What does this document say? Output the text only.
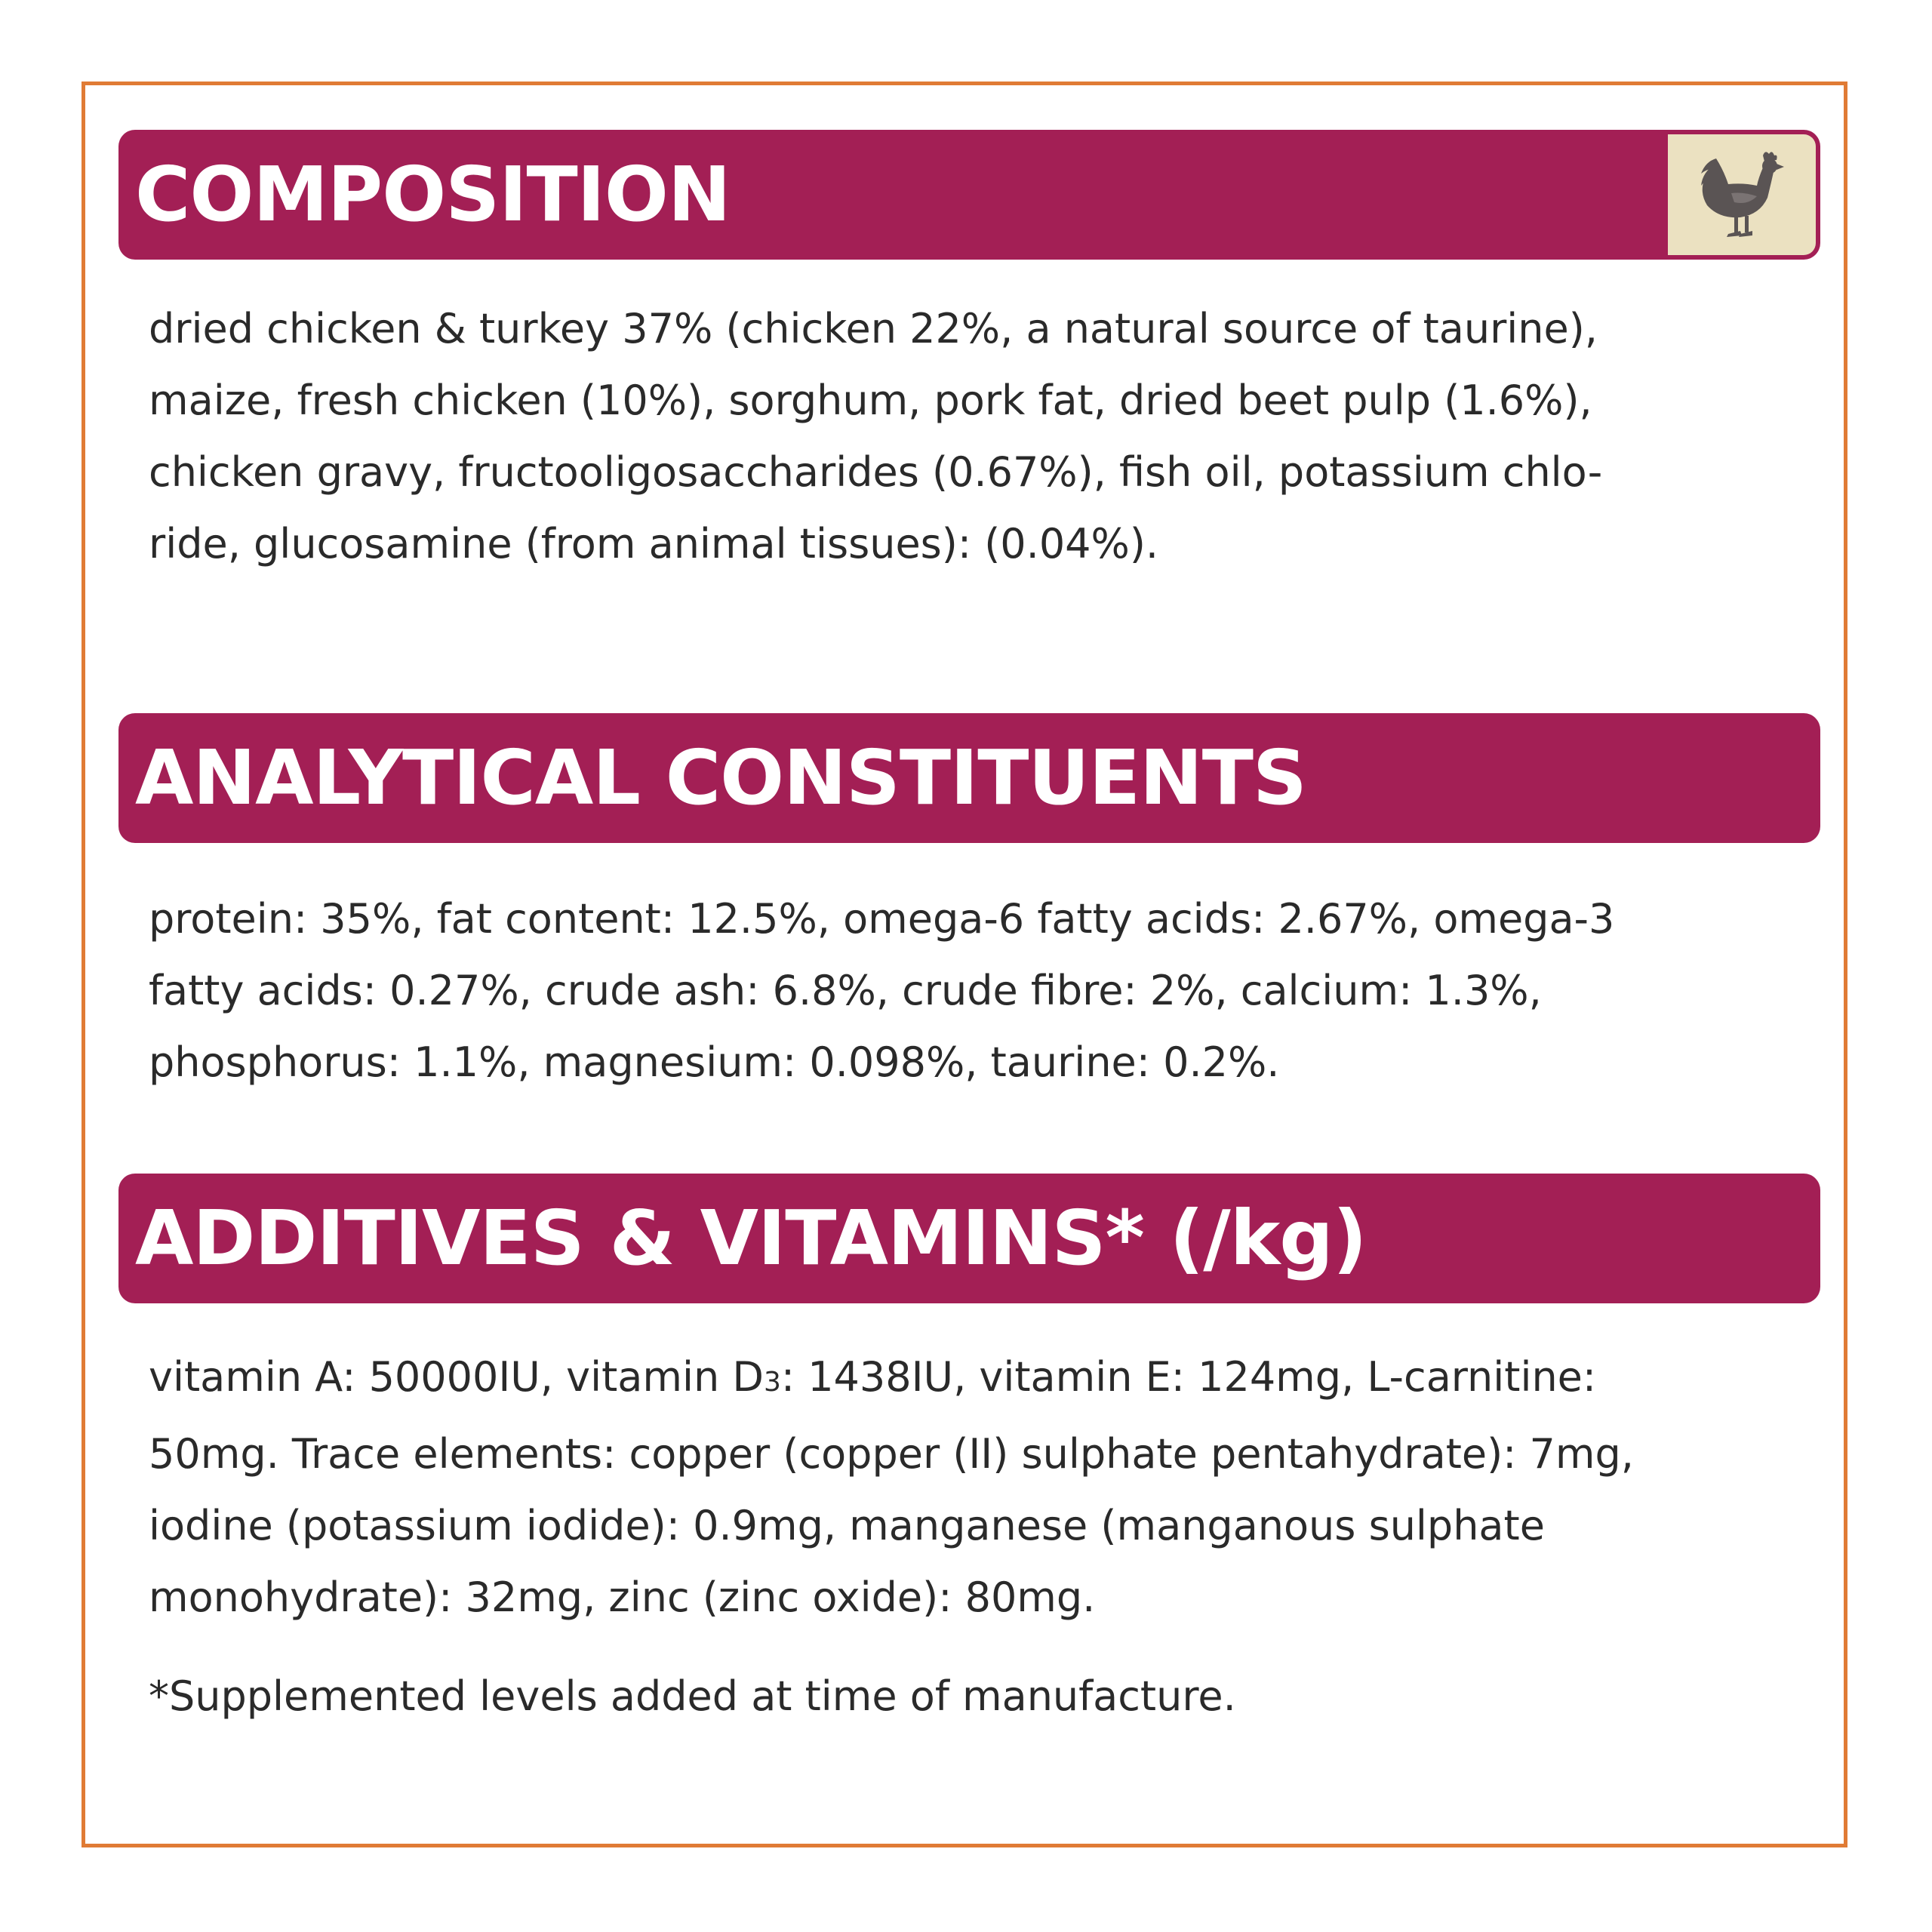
COMPOSITION
dried chicken & turkey 37% (chicken 22%, a natural source of taurine),
maize, fresh chicken (10%), sorghum, pork fat, dried beet pulp (1.6%),
chicken gravy, fructooligosaccharides (0.67%), fish oil, potassium chlo-
ride, glucosamine (from animal tissues): (0.04%).
ANALYTICAL CONSTITUENTS
protein: 35%, fat content: 12.5%, omega-6 fatty acids: 2.67%, omega-3
fatty acids: 0.27%, crude ash: 6.8%, crude fibre: 2%, calcium: 1.3%,
phosphorus: 1.1%, magnesium: 0.098%, taurine: 0.2%.
ADDITIVES & VITAMINS* (/kg)
vitamin A: 50000IU, vitamin D3: 1438IU, vitamin E: 124mg, L-carnitine:
50mg. Trace elements: copper (copper (II) sulphate pentahydrate): 7mg,
iodine (potassium iodide): 0.9mg, manganese (manganous sulphate
monohydrate): 32mg, zinc (zinc oxide): 80mg.
*Supplemented levels added at time of manufacture.
